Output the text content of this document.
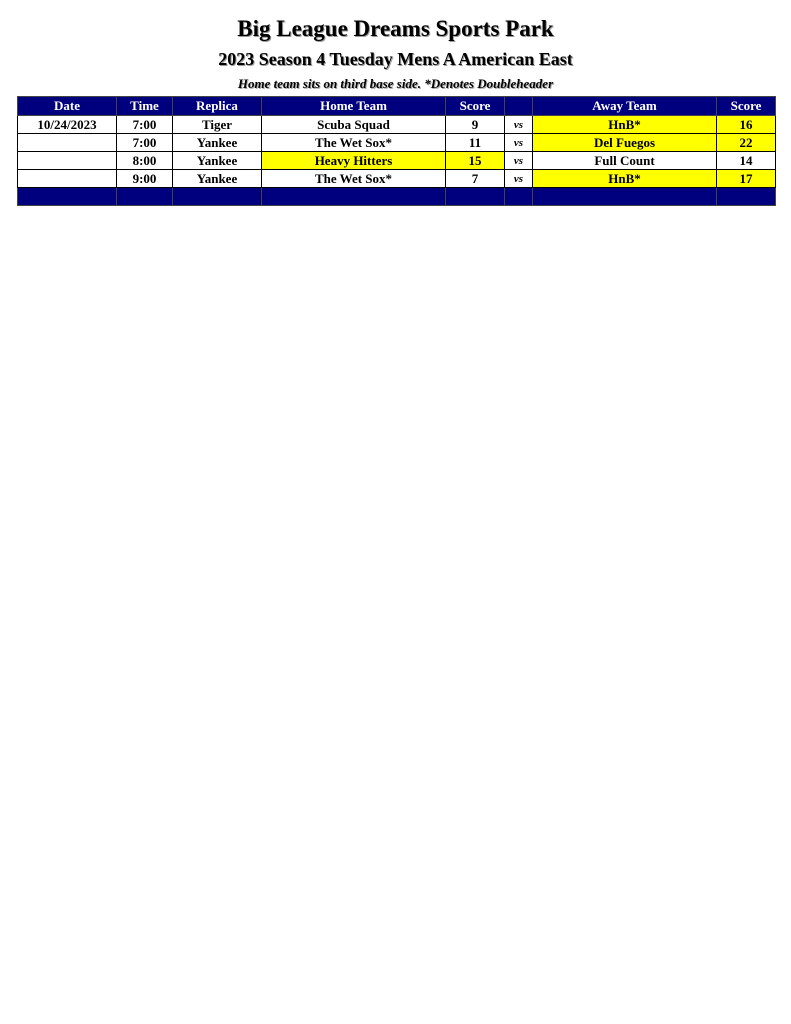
Big League Dreams Sports Park
2023 Season 4 Tuesday Mens A American East
Home team sits on third base side. *Denotes Doubleheader
Date	Time	Replica	Home Team	Score		Away Team	Score
10/24/2023	7:00	Tiger	Scuba Squad	9	vs	HnB*	16
	7:00	Yankee	The Wet Sox*	11	vs	Del Fuegos	22
	8:00	Yankee	Heavy Hitters	15	vs	Full Count	14
	9:00	Yankee	The Wet Sox*	7	vs	HnB*	17
